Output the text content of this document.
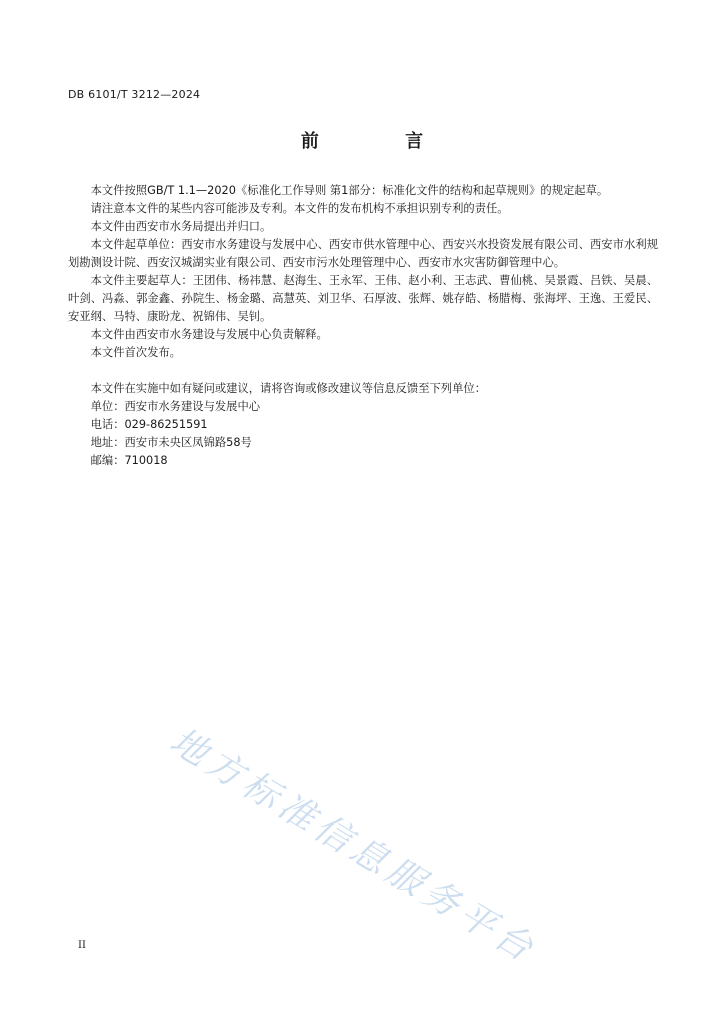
DB 6101/T 3212—2024
前 言

本文件按照GB/T 1.1—2020《标准化工作导则 第1部分：标准化文件的结构和起草规则》的规定起草。

请注意本文件的某些内容可能涉及专利。本文件的发布机构不承担识别专利的责任。

本文件由西安市水务局提出并归口。

本文件起草单位：西安市水务建设与发展中心、西安市供水管理中心、西安兴水投资发展有限公司、西安市水利规划勘测设计院、西安汉城湖实业有限公司、西安市污水处理管理中心、西安市水灾害防御管理中心。

本文件主要起草人：王团伟、杨祎慧、赵海生、王永军、王伟、赵小利、王志武、曹仙桃、吴景霞、吕铁、吴晨、叶剑、冯淼、郭金鑫、孙院生、杨金璐、高慧英、刘卫华、石厚波、张辉、姚存皓、杨腊梅、张海坪、王逸、王爱民、安亚纲、马特、康盼龙、祝锦伟、吴钊。

本文件由西安市水务建设与发展中心负责解释。

本文件首次发布。

本文件在实施中如有疑问或建议，请将咨询或修改建议等信息反馈至下列单位：

单位：西安市水务建设与发展中心

电话：029-86251591

地址：西安市未央区凤锦路58号

邮编：710018

地方标准信息服务平台
II
